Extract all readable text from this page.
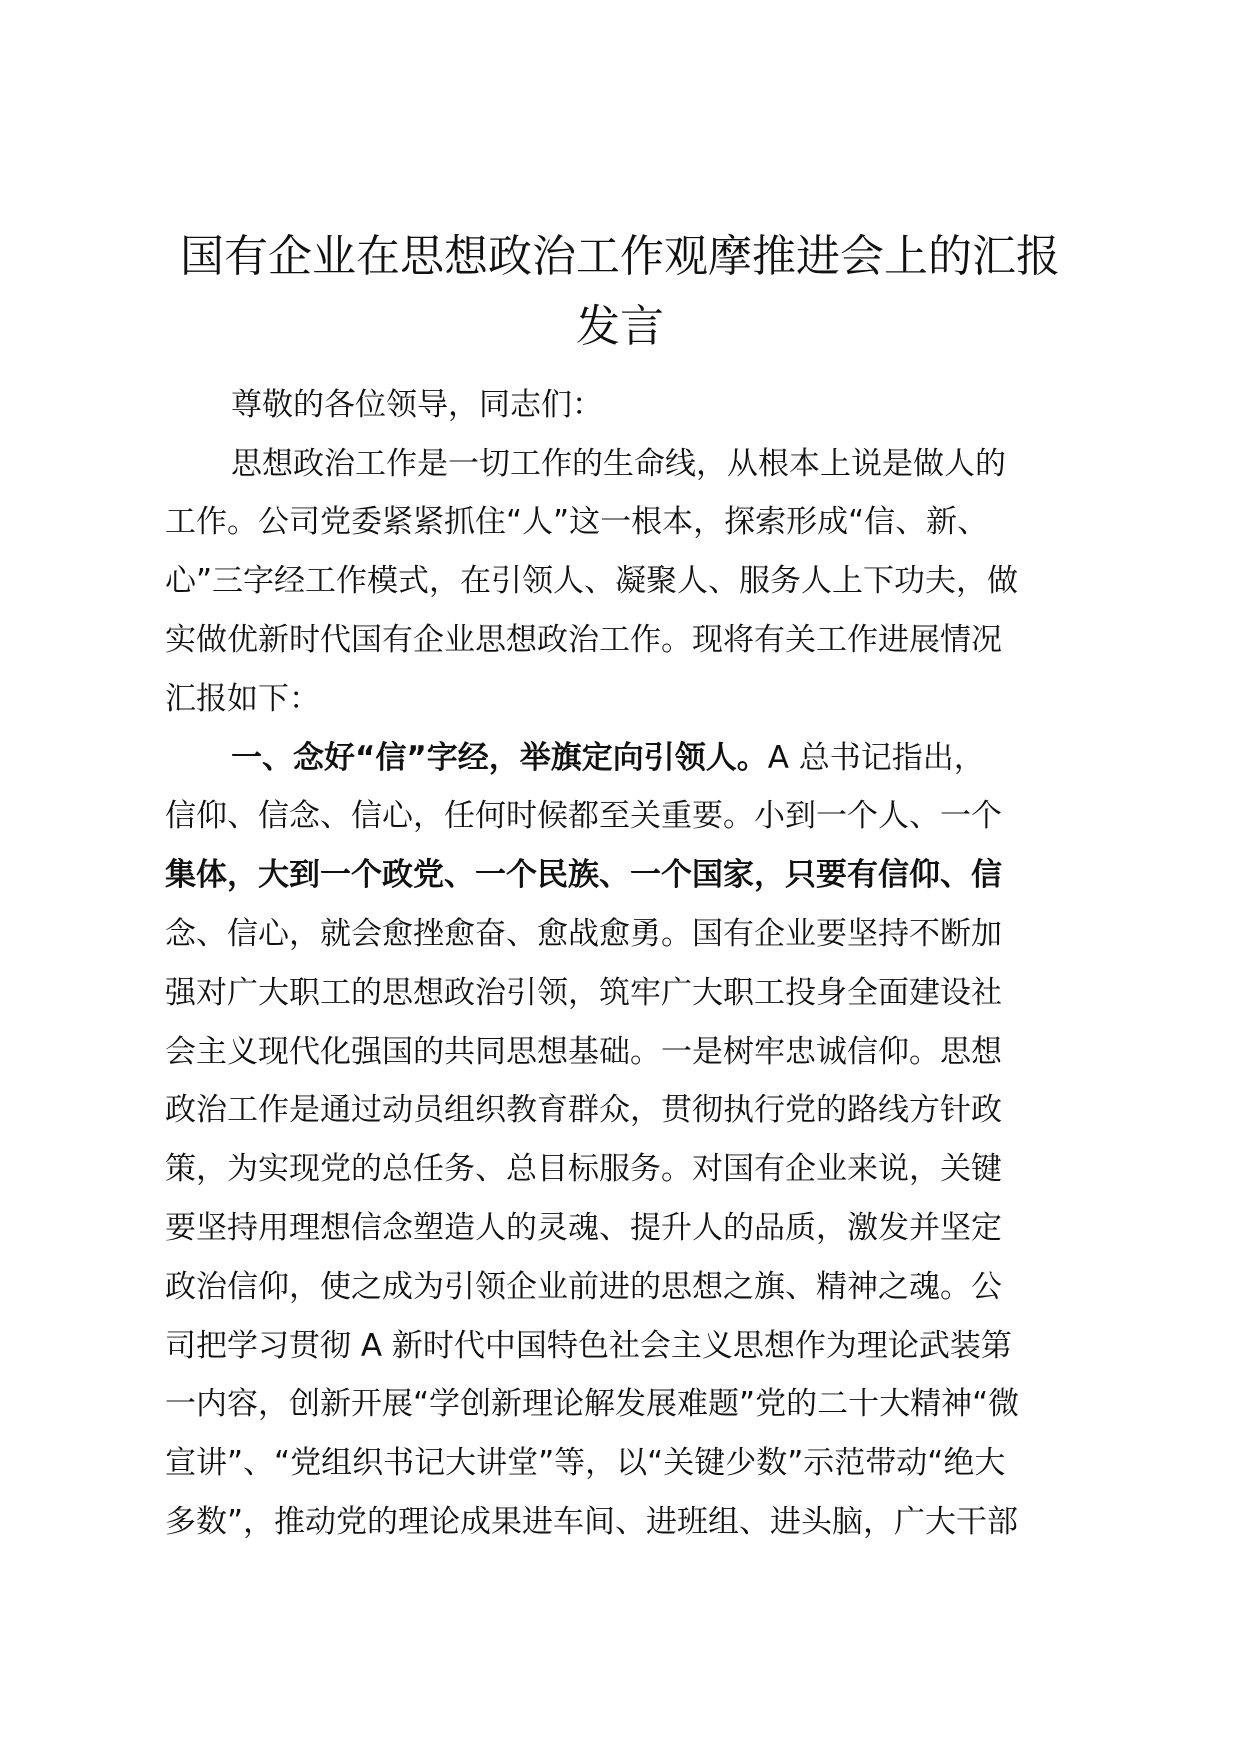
国有企业在思想政治工作观摩推进会上的汇报
发言
尊敬的各位领导，同志们：
思想政治工作是一切工作的生命线，从根本上说是做人的
工作。公司党委紧紧抓住“人”这一根本，探索形成“信、新、
心”三字经工作模式，在引领人、凝聚人、服务人上下功夫，做
实做优新时代国有企业思想政治工作。现将有关工作进展情况
汇报如下：
一、念好“信”字经，举旗定向引领人。A 总书记指出，
信仰、信念、信心，任何时候都至关重要。小到一个人、一个
集体，大到一个政党、一个民族、一个国家，只要有信仰、信
念、信心，就会愈挫愈奋、愈战愈勇。国有企业要坚持不断加
强对广大职工的思想政治引领，筑牢广大职工投身全面建设社
会主义现代化强国的共同思想基础。一是树牢忠诚信仰。思想
政治工作是通过动员组织教育群众，贯彻执行党的路线方针政
策，为实现党的总任务、总目标服务。对国有企业来说，关键
要坚持用理想信念塑造人的灵魂、提升人的品质，激发并坚定
政治信仰，使之成为引领企业前进的思想之旗、精神之魂。公
司把学习贯彻 A 新时代中国特色社会主义思想作为理论武装第
一内容，创新开展“学创新理论解发展难题”党的二十大精神“微
宣讲”、“党组织书记大讲堂”等，以“关键少数”示范带动“绝大
多数”，推动党的理论成果进车间、进班组、进头脑，广大干部
